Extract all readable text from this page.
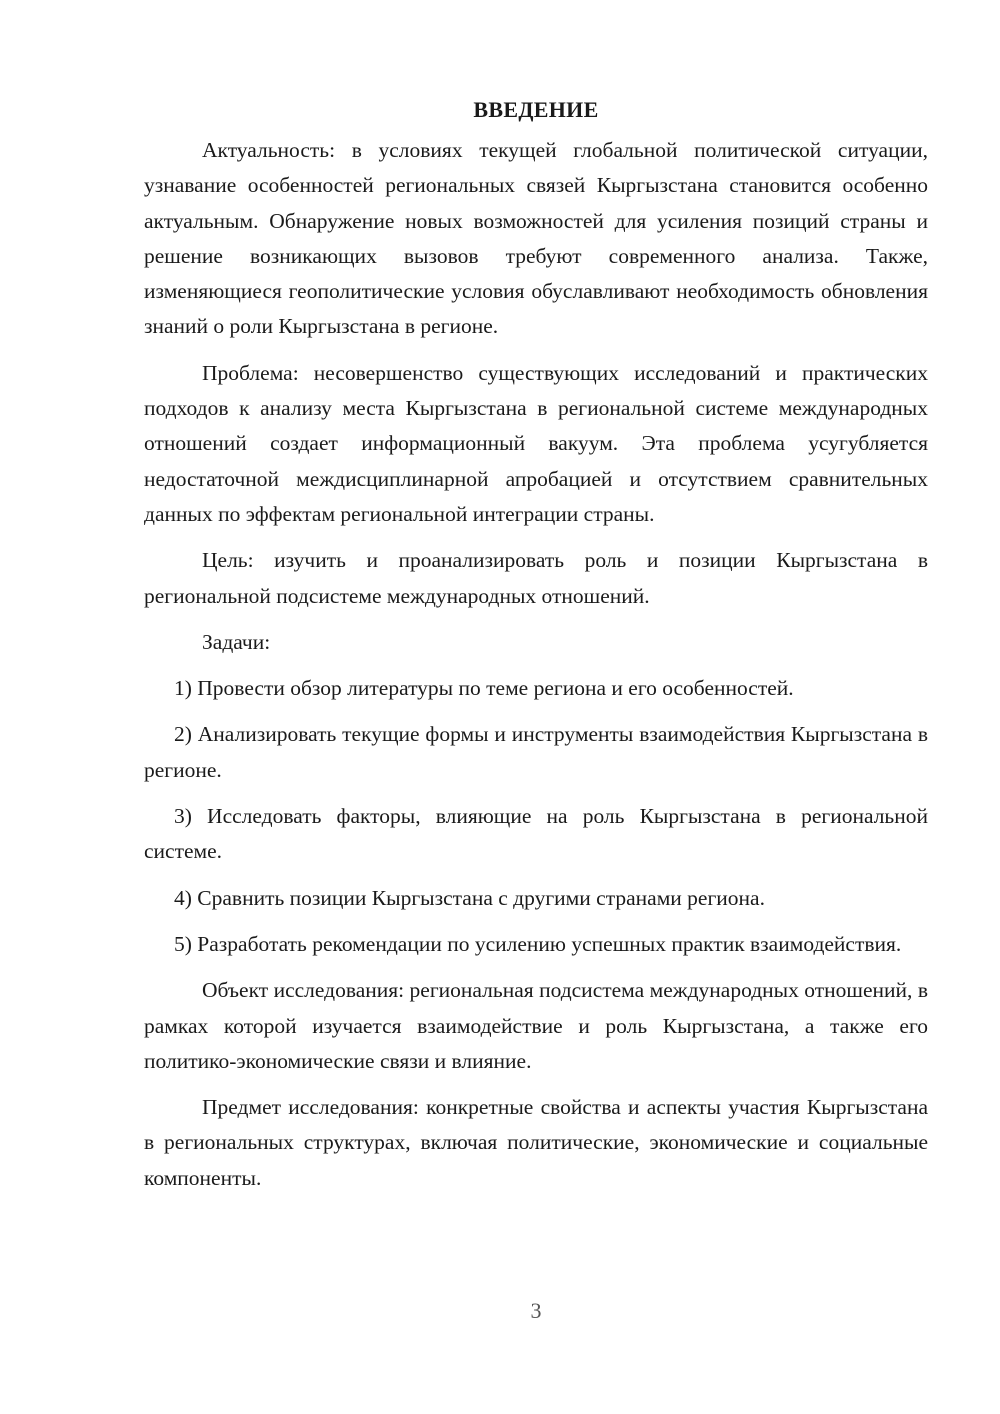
ВВЕДЕНИЕ

Актуальность: в условиях текущей глобальной политической ситуации, узнавание особенностей региональных связей Кыргызстана становится особенно актуальным. Обнаружение новых возможностей для усиления позиций страны и решение возникающих вызовов требуют современного анализа. Также, изменяющиеся геополитические условия обуславливают необходимость обновления знаний о роли Кыргызстана в регионе.

Проблема: несовершенство существующих исследований и практических подходов к анализу места Кыргызстана в региональной системе международных отношений создает информационный вакуум. Эта проблема усугубляется недостаточной междисциплинарной апробацией и отсутствием сравнительных данных по эффектам региональной интеграции страны.

Цель: изучить и проанализировать роль и позиции Кыргызстана в региональной подсистеме международных отношений.

Задачи:

1) Провести обзор литературы по теме региона и его особенностей.

2) Анализировать текущие формы и инструменты взаимодействия Кыргызстана в регионе.

3) Исследовать факторы, влияющие на роль Кыргызстана в региональной системе.

4) Сравнить позиции Кыргызстана с другими странами региона.

5) Разработать рекомендации по усилению успешных практик взаимодействия.

Объект исследования: региональная подсистема международных отношений, в рамках которой изучается взаимодействие и роль Кыргызстана, а также его политико-экономические связи и влияние.

Предмет исследования: конкретные свойства и аспекты участия Кыргызстана в региональных структурах, включая политические, экономические и социальные компоненты.

3
